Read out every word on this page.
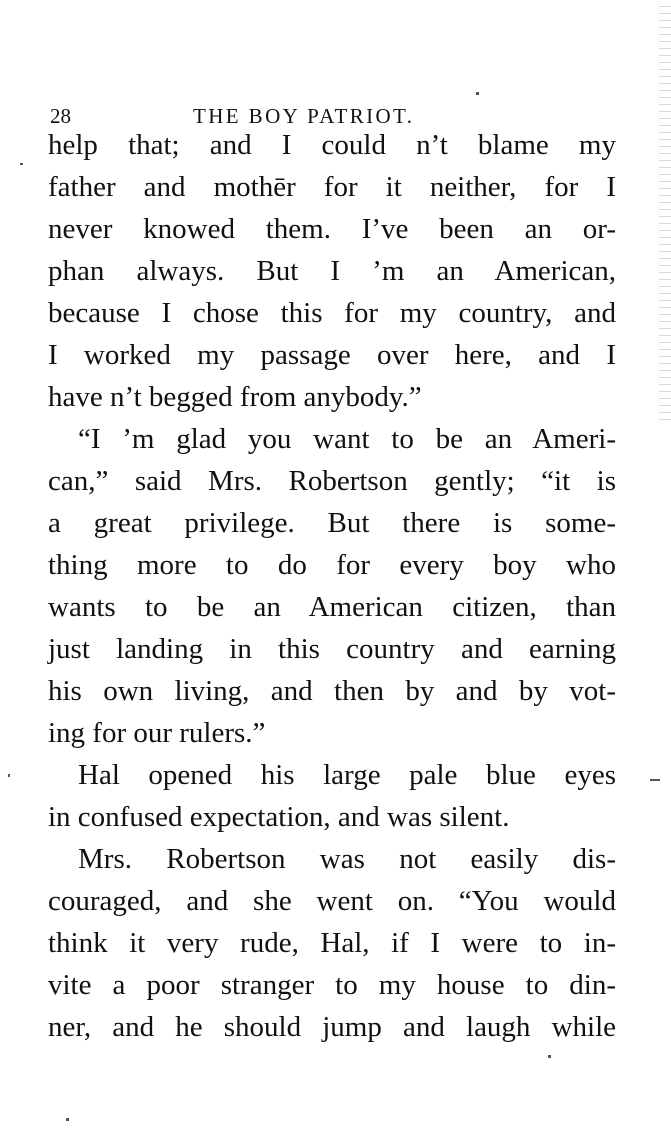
28	THE BOY PATRIOT.
help that; and I could n’t blame my
father and mothēr for it neither, for I
never knowed them. I’ve been an or-
phan always. But I ’m an American,
because I chose this for my country, and
I worked my passage over here, and I
have n’t begged from anybody.”
“I ’m glad you want to be an Ameri-
can,” said Mrs. Robertson gently; “it is
a great privilege. But there is some-
thing more to do for every boy who
wants to be an American citizen, than
just landing in this country and earning
his own living, and then by and by vot-
ing for our rulers.”
Hal opened his large pale blue eyes
in confused expectation, and was silent.
Mrs. Robertson was not easily dis-
couraged, and she went on. “You would
think it very rude, Hal, if I were to in-
vite a poor stranger to my house to din-
ner, and he should jump and laugh while
